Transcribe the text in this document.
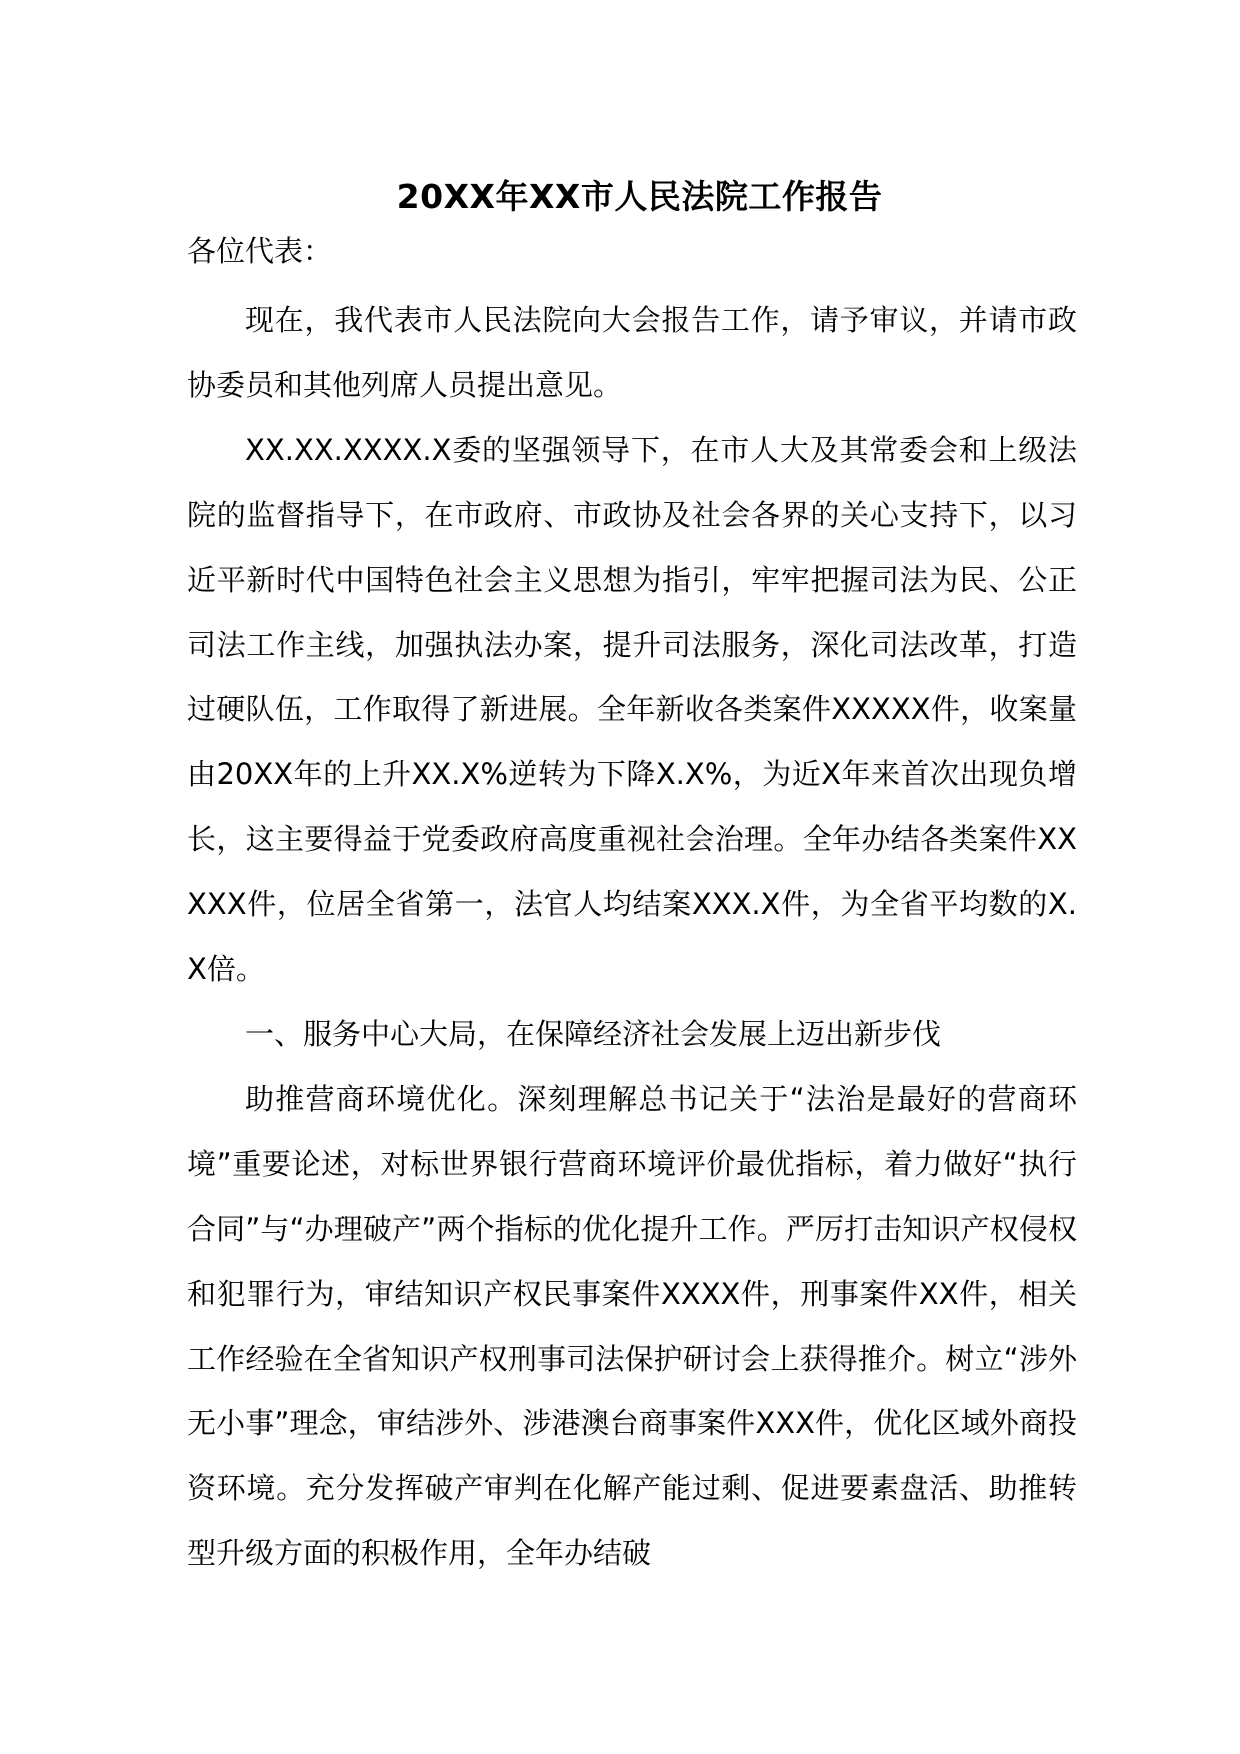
20XX年XX市人民法院工作报告
各位代表：

现在，我代表市人民法院向大会报告工作，请予审议，并请市政协委员和其他列席人员提出意见。

XX.XX.XXXX.X委的坚强领导下，在市人大及其常委会和上级法院的监督指导下，在市政府、市政协及社会各界的关心支持下，以习近平新时代中国特色社会主义思想为指引，牢牢把握司法为民、公正司法工作主线，加强执法办案，提升司法服务，深化司法改革，打造过硬队伍，工作取得了新进展。全年新收各类案件XXXXX件，收案量由20XX年的上升XX.X%逆转为下降X.X%，为近X年来首次出现负增长，这主要得益于党委政府高度重视社会治理。全年办结各类案件XXXXX件，位居全省第一，法官人均结案XXX.X件，为全省平均数的X.X倍。

一、服务中心大局，在保障经济社会发展上迈出新步伐

助推营商环境优化。深刻理解总书记关于“法治是最好的营商环境”重要论述，对标世界银行营商环境评价最优指标，着力做好“执行合同”与“办理破产”两个指标的优化提升工作。严厉打击知识产权侵权和犯罪行为，审结知识产权民事案件XXXX件，刑事案件XX件，相关工作经验在全省知识产权刑事司法保护研讨会上获得推介。树立“涉外无小事”理念，审结涉外、涉港澳台商事案件XXX件，优化区域外商投资环境。充分发挥破产审判在化解产能过剩、促进要素盘活、助推转型升级方面的积极作用，全年办结破
